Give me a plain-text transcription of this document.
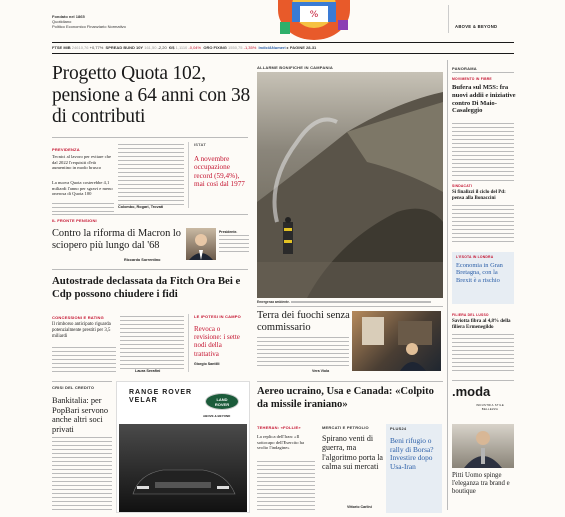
Fondato nel 1865
Quotidiano
Politico Economico Finanziario Normativo
%
ABOVE & BEYOND
FTSE MIB 24610,76 +0,77% SPREAD BUND 10Y 161,50 -2,20 €/$ 1,1110 -0,04% ORO FIXING 1550,75 -1,35% Indici&Numeri ▸ PAGINE 28-31
Progetto Quota 102, pensione a 64 anni con 38 di contributi
PREVIDENZA
Tecnici al lavoro per evitare che dal 2022 l'requisiti d'età aumentino in modo brusco
La nuova Quota costerebbe 4,1 miliardi l'anno per sgravi e meno onerosa di Quota 100
Colombo, Rogari, Trovati
ISTAT
A novembre occupazione record (59,4%), mai così dal 1977
IL FRONTE PENSIONI
Contro la riforma di Macron lo sciopero più lungo dal '68
Riccardo Sorrentino
Presidente.
Autostrade declassata da Fitch Ora Bei e Cdp possono chiudere i fidi
CONCESSIONI E RATING
Il rimborso anticipato riguarda potenzialmente prestiti per 3,5 miliardi
Laura Serafini
LE IPOTESI IN CAMPO
Revoca o revisione: i sette nodi della trattativa
Giorgio Santilli
ALLARME BONIFICHE IN CAMPANIA
Emergenza ambiente.
Terra dei fuochi senza commissario
Vera Viola
RANGE ROVER
VELAR	LAND
ROVER
ABOVE & BEYOND
CRISI DEL CREDITO
Bankitalia: per PopBari servono anche altri soci privati
Aereo ucraino, Usa e Canada: «Colpito da missile iraniano»
TEHERAN: «FOLLIE»
La replica dell'Iran: «Il sottocapo dell'Esercito ha svolto l'indagine»
MERCATI E PETROLIO
Spirano venti di guerra, ma l'algoritmo porta la calma sui mercati
Vittorio Carlini
PLUS24
Beni rifugio o rally di Borsa? Investire dopo Usa-Iran
PANORAMA
MOVIMENTO IN FIBRE
Bufera sul M5S: fra nuovi addii e iniziative contro Di Maio-Casaleggio
SINDACATI
Si finalizzi il ciclo del Pd: pensa alla Bonaccini
L'ESOTA IN LONDRA
Economia in Gran Bretagna, con la Brexit è a rischio
FILIERA DEL LUSSO
Saviotta fibra al 4,8% della filiera Ermenegildo
.moda
INDUSTRIA STILE BELLEZZA
Pitti Uomo spinge l'eleganza tra brand e boutique
